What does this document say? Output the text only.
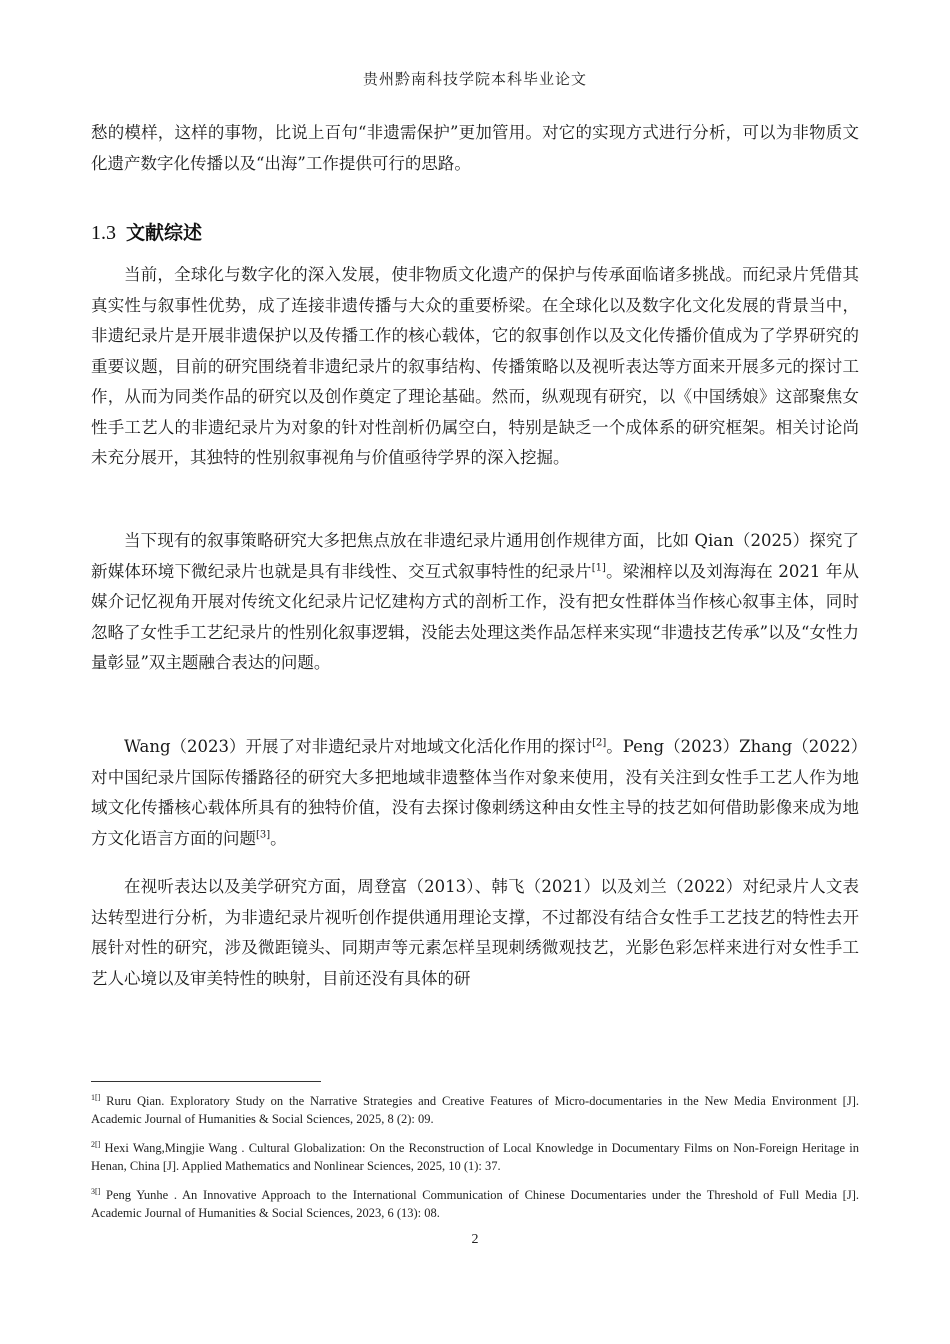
贵州黔南科技学院本科毕业论文
愁的模样，这样的事物，比说上百句“非遗需保护”更加管用。对它的实现方式进行分析，可以为非物质文化遗产数字化传播以及“出海”工作提供可行的思路。
1.3 文献综述
当前，全球化与数字化的深入发展，使非物质文化遗产的保护与传承面临诸多挑战。而纪录片凭借其真实性与叙事性优势，成了连接非遗传播与大众的重要桥梁。在全球化以及数字化文化发展的背景当中，非遗纪录片是开展非遗保护以及传播工作的核心载体，它的叙事创作以及文化传播价值成为了学界研究的重要议题，目前的研究围绕着非遗纪录片的叙事结构、传播策略以及视听表达等方面来开展多元的探讨工作，从而为同类作品的研究以及创作奠定了理论基础。然而，纵观现有研究，以《中国绣娘》这部聚焦女性手工艺人的非遗纪录片为对象的针对性剖析仍属空白，特别是缺乏一个成体系的研究框架。相关讨论尚未充分展开，其独特的性别叙事视角与价值亟待学界的深入挖掘。
当下现有的叙事策略研究大多把焦点放在非遗纪录片通用创作规律方面，比如 Qian（2025）探究了新媒体环境下微纪录片也就是具有非线性、交互式叙事特性的纪录片[1]。梁湘梓以及刘海海在 2021 年从媒介记忆视角开展对传统文化纪录片记忆建构方式的剖析工作，没有把女性群体当作核心叙事主体，同时忽略了女性手工艺纪录片的性别化叙事逻辑，没能去处理这类作品怎样来实现“非遗技艺传承”以及“女性力量彰显”双主题融合表达的问题。
Wang（2023）开展了对非遗纪录片对地域文化活化作用的探讨[2]。Peng（2023）Zhang（2022）对中国纪录片国际传播路径的研究大多把地域非遗整体当作对象来使用，没有关注到女性手工艺人作为地域文化传播核心载体所具有的独特价值，没有去探讨像刺绣这种由女性主导的技艺如何借助影像来成为地方文化语言方面的问题[3]。
在视听表达以及美学研究方面，周登富（2013）、韩飞（2021）以及刘兰（2022）对纪录片人文表达转型进行分析，为非遗纪录片视听创作提供通用理论支撑，不过都没有结合女性手工艺技艺的特性去开展针对性的研究，涉及微距镜头、同期声等元素怎样呈现刺绣微观技艺，光影色彩怎样来进行对女性手工艺人心境以及审美特性的映射，目前还没有具体的研
$^{1[]}$ Ruru Qian. Exploratory Study on the Narrative Strategies and Creative Features of Micro-documentaries in the New Media Environment [J]. Academic Journal of Humanities & Social Sciences, 2025, 8 (2): 09.
$^{2[]}$ Hexi Wang,Mingjie Wang . Cultural Globalization: On the Reconstruction of Local Knowledge in Documentary Films on Non-Foreign Heritage in Henan, China [J]. Applied Mathematics and Nonlinear Sciences, 2025, 10 (1): 37.
$^{3[]}$ Peng Yunhe . An Innovative Approach to the International Communication of Chinese Documentaries under the Threshold of Full Media [J]. Academic Journal of Humanities & Social Sciences, 2023, 6 (13): 08.
2
